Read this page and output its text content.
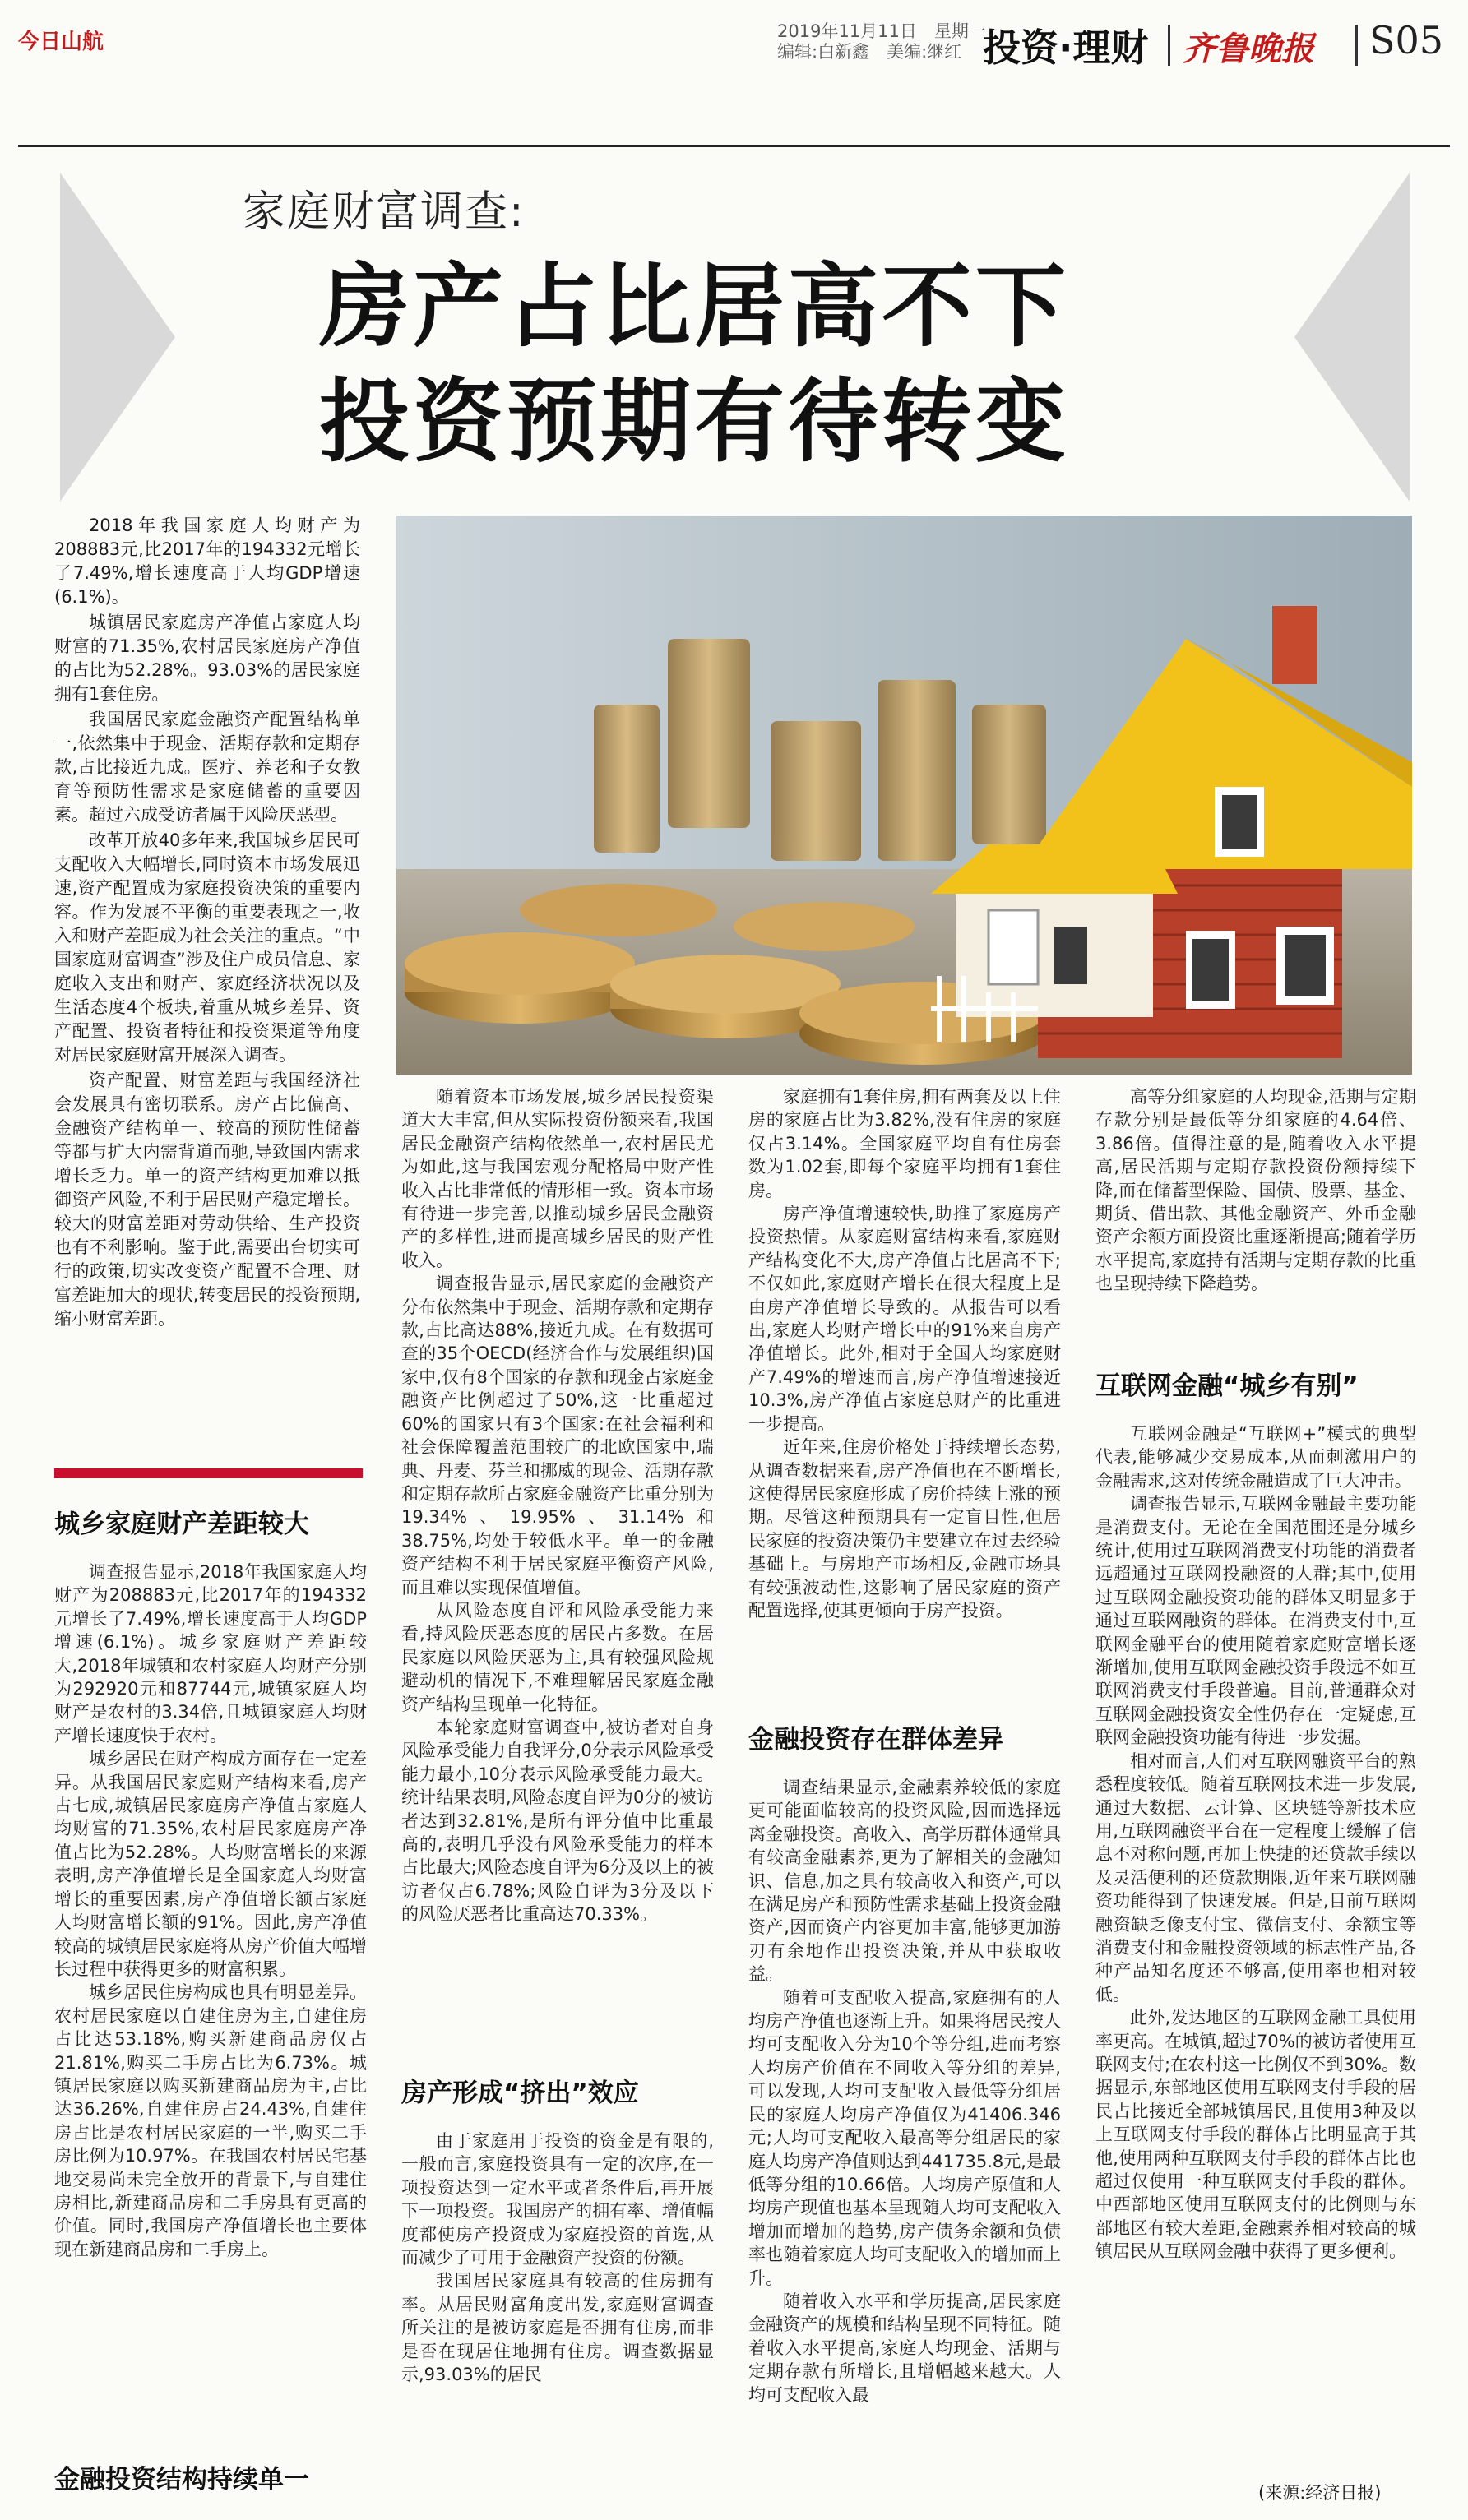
今日山航	2019年11月11日　星期一
编辑:白新鑫　美编:继红 投资·理财 齐鲁晚报 S05
家庭财富调查:
房产占比居高不下
投资预期有待转变

2018年我国家庭人均财产为208883元,比2017年的194332元增长了7.49%,增长速度高于人均GDP增速(6.1%)。

城镇居民家庭房产净值占家庭人均财富的71.35%,农村居民家庭房产净值的占比为52.28%。93.03%的居民家庭拥有1套住房。

我国居民家庭金融资产配置结构单一,依然集中于现金、活期存款和定期存款,占比接近九成。医疗、养老和子女教育等预防性需求是家庭储蓄的重要因素。超过六成受访者属于风险厌恶型。

改革开放40多年来,我国城乡居民可支配收入大幅增长,同时资本市场发展迅速,资产配置成为家庭投资决策的重要内容。作为发展不平衡的重要表现之一,收入和财产差距成为社会关注的重点。“中国家庭财富调查”涉及住户成员信息、家庭收入支出和财产、家庭经济状况以及生活态度4个板块,着重从城乡差异、资产配置、投资者特征和投资渠道等角度对居民家庭财富开展深入调查。

资产配置、财富差距与我国经济社会发展具有密切联系。房产占比偏高、金融资产结构单一、较高的预防性储蓄等都与扩大内需背道而驰,导致国内需求增长乏力。单一的资产结构更加难以抵御资产风险,不利于居民财产稳定增长。较大的财富差距对劳动供给、生产投资也有不利影响。鉴于此,需要出台切实可行的政策,切实改变资产配置不合理、财富差距加大的现状,转变居民的投资预期,缩小财富差距。

城乡家庭财产差距较大

调查报告显示,2018年我国家庭人均财产为208883元,比2017年的194332元增长了7.49%,增长速度高于人均GDP增速(6.1%)。城乡家庭财产差距较大,2018年城镇和农村家庭人均财产分别为292920元和87744元,城镇家庭人均财产是农村的3.34倍,且城镇家庭人均财产增长速度快于农村。

城乡居民在财产构成方面存在一定差异。从我国居民家庭财产结构来看,房产占七成,城镇居民家庭房产净值占家庭人均财富的71.35%,农村居民家庭房产净值占比为52.28%。人均财富增长的来源表明,房产净值增长是全国家庭人均财富增长的重要因素,房产净值增长额占家庭人均财富增长额的91%。因此,房产净值较高的城镇居民家庭将从房产价值大幅增长过程中获得更多的财富积累。

城乡居民住房构成也具有明显差异。农村居民家庭以自建住房为主,自建住房占比达53.18%,购买新建商品房仅占21.81%,购买二手房占比为6.73%。城镇居民家庭以购买新建商品房为主,占比达36.26%,自建住房占24.43%,自建住房占比是农村居民家庭的一半,购买二手房比例为10.97%。在我国农村居民宅基地交易尚未完全放开的背景下,与自建住房相比,新建商品房和二手房具有更高的价值。同时,我国房产净值增长也主要体现在新建商品房和二手房上。

金融投资结构持续单一

随着资本市场发展,城乡居民投资渠道大大丰富,但从实际投资份额来看,我国居民金融资产结构依然单一,农村居民尤为如此,这与我国宏观分配格局中财产性收入占比非常低的情形相一致。资本市场有待进一步完善,以推动城乡居民金融资产的多样性,进而提高城乡居民的财产性收入。

调查报告显示,居民家庭的金融资产分布依然集中于现金、活期存款和定期存款,占比高达88%,接近九成。在有数据可查的35个OECD(经济合作与发展组织)国家中,仅有8个国家的存款和现金占家庭金融资产比例超过了50%,这一比重超过60%的国家只有3个国家:在社会福利和社会保障覆盖范围较广的北欧国家中,瑞典、丹麦、芬兰和挪威的现金、活期存款和定期存款所占家庭金融资产比重分别为19.34%、19.95%、31.14%和38.75%,均处于较低水平。单一的金融资产结构不利于居民家庭平衡资产风险,而且难以实现保值增值。

从风险态度自评和风险承受能力来看,持风险厌恶态度的居民占多数。在居民家庭以风险厌恶为主,具有较强风险规避动机的情况下,不难理解居民家庭金融资产结构呈现单一化特征。

本轮家庭财富调查中,被访者对自身风险承受能力自我评分,0分表示风险承受能力最小,10分表示风险承受能力最大。统计结果表明,风险态度自评为0分的被访者达到32.81%,是所有评分值中比重最高的,表明几乎没有风险承受能力的样本占比最大;风险态度自评为6分及以上的被访者仅占6.78%;风险自评为3分及以下的风险厌恶者比重高达70.33%。

房产形成“挤出”效应

由于家庭用于投资的资金是有限的,一般而言,家庭投资具有一定的次序,在一项投资达到一定水平或者条件后,再开展下一项投资。我国房产的拥有率、增值幅度都使房产投资成为家庭投资的首选,从而减少了可用于金融资产投资的份额。

我国居民家庭具有较高的住房拥有率。从居民财富角度出发,家庭财富调查所关注的是被访家庭是否拥有住房,而非是否在现居住地拥有住房。调查数据显示,93.03%的居民

家庭拥有1套住房,拥有两套及以上住房的家庭占比为3.82%,没有住房的家庭仅占3.14%。全国家庭平均自有住房套数为1.02套,即每个家庭平均拥有1套住房。

房产净值增速较快,助推了家庭房产投资热情。从家庭财富结构来看,家庭财产结构变化不大,房产净值占比居高不下;不仅如此,家庭财产增长在很大程度上是由房产净值增长导致的。从报告可以看出,家庭人均财产增长中的91%来自房产净值增长。此外,相对于全国人均家庭财产7.49%的增速而言,房产净值增速接近10.3%,房产净值占家庭总财产的比重进一步提高。

近年来,住房价格处于持续增长态势,从调查数据来看,房产净值也在不断增长,这使得居民家庭形成了房价持续上涨的预期。尽管这种预期具有一定盲目性,但居民家庭的投资决策仍主要建立在过去经验基础上。与房地产市场相反,金融市场具有较强波动性,这影响了居民家庭的资产配置选择,使其更倾向于房产投资。

金融投资存在群体差异

调查结果显示,金融素养较低的家庭更可能面临较高的投资风险,因而选择远离金融投资。高收入、高学历群体通常具有较高金融素养,更为了解相关的金融知识、信息,加之具有较高收入和资产,可以在满足房产和预防性需求基础上投资金融资产,因而资产内容更加丰富,能够更加游刃有余地作出投资决策,并从中获取收益。

随着可支配收入提高,家庭拥有的人均房产净值也逐渐上升。如果将居民按人均可支配收入分为10个等分组,进而考察人均房产价值在不同收入等分组的差异,可以发现,人均可支配收入最低等分组居民的家庭人均房产净值仅为41406.346元;人均可支配收入最高等分组居民的家庭人均房产净值则达到441735.8元,是最低等分组的10.66倍。人均房产原值和人均房产现值也基本呈现随人均可支配收入增加而增加的趋势,房产债务余额和负债率也随着家庭人均可支配收入的增加而上升。

随着收入水平和学历提高,居民家庭金融资产的规模和结构呈现不同特征。随着收入水平提高,家庭人均现金、活期与定期存款有所增长,且增幅越来越大。人均可支配收入最

高等分组家庭的人均现金,活期与定期存款分别是最低等分组家庭的4.64倍、3.86倍。值得注意的是,随着收入水平提高,居民活期与定期存款投资份额持续下降,而在储蓄型保险、国债、股票、基金、期货、借出款、其他金融资产、外币金融资产余额方面投资比重逐渐提高;随着学历水平提高,家庭持有活期与定期存款的比重也呈现持续下降趋势。

互联网金融“城乡有别”

互联网金融是“互联网+”模式的典型代表,能够减少交易成本,从而刺激用户的金融需求,这对传统金融造成了巨大冲击。

调查报告显示,互联网金融最主要功能是消费支付。无论在全国范围还是分城乡统计,使用过互联网消费支付功能的消费者远超通过互联网投融资的人群;其中,使用过互联网金融投资功能的群体又明显多于通过互联网融资的群体。在消费支付中,互联网金融平台的使用随着家庭财富增长逐渐增加,使用互联网金融投资手段远不如互联网消费支付手段普遍。目前,普通群众对互联网金融投资安全性仍存在一定疑虑,互联网金融投资功能有待进一步发掘。

相对而言,人们对互联网融资平台的熟悉程度较低。随着互联网技术进一步发展,通过大数据、云计算、区块链等新技术应用,互联网融资平台在一定程度上缓解了信息不对称问题,再加上快捷的还贷款手续以及灵活便利的还贷款期限,近年来互联网融资功能得到了快速发展。但是,目前互联网融资缺乏像支付宝、微信支付、余额宝等消费支付和金融投资领域的标志性产品,各种产品知名度还不够高,使用率也相对较低。

此外,发达地区的互联网金融工具使用率更高。在城镇,超过70%的被访者使用互联网支付;在农村这一比例仅不到30%。数据显示,东部地区使用互联网支付手段的居民占比接近全部城镇居民,且使用3种及以上互联网支付手段的群体占比明显高于其他,使用两种互联网支付手段的群体占比也超过仅使用一种互联网支付手段的群体。中西部地区使用互联网支付的比例则与东部地区有较大差距,金融素养相对较高的城镇居民从互联网金融中获得了更多便利。

(来源:经济日报)
